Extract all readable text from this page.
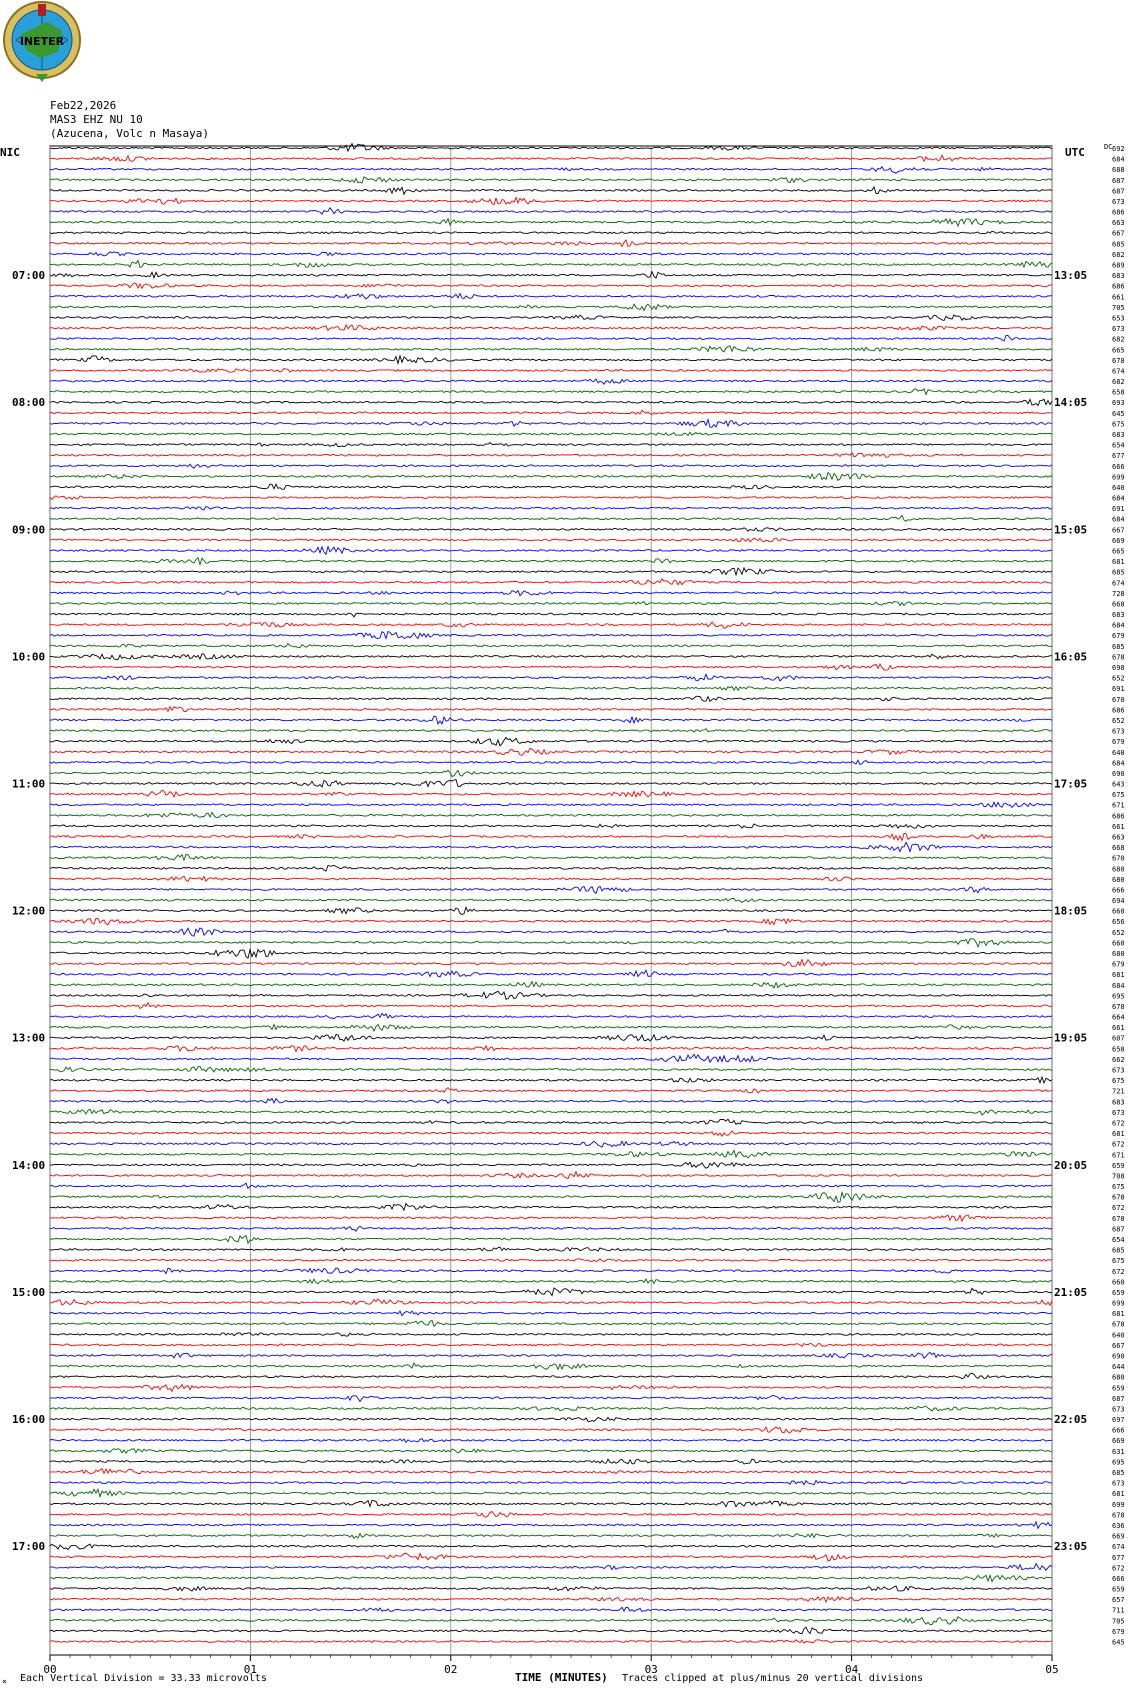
INETER
Feb22,2026
MAS3 EHZ NU 10
(Azucena, Volc n Masaya)
NIC	UTC
00	01	02	03	04	05
692
684
688
687
687
673
686
663
667
685
682
689
683
686
661
705
653
673
682
665
678
674
682
658
693
645
675
683
654
677
666
699
640
684
691
684
667
669
665
681
685
674
728
668
683
684
679
685
678
698
652
691
670
686
652
673
679
640
684
690
643
675
671
686
661
663
668
670
680
680
666
694
660
656
652
660
680
679
681
684
695
678
664
661
607
658
662
673
675
721
683
673
672
681
672
671
659
708
675
678
672
678
687
654
685
675
672
660
659
699
681
678
640
667
690
644
680
659
687
673
697
666
669
631
695
685
673
681
699
678
636
669
674
677
672
666
659
657
711
705
679
645
DC
07:00	13:05
08:00	14:05
09:00	15:05
10:00	16:05
11:00	17:05
12:00	18:05
13:00	19:05
14:00	20:05
15:00	21:05
16:00	22:05
17:00	23:05
⨯ Each Vertical Division = 33.33 microvolts	TIME (MINUTES) Traces clipped at plus/minus 20 vertical divisions
